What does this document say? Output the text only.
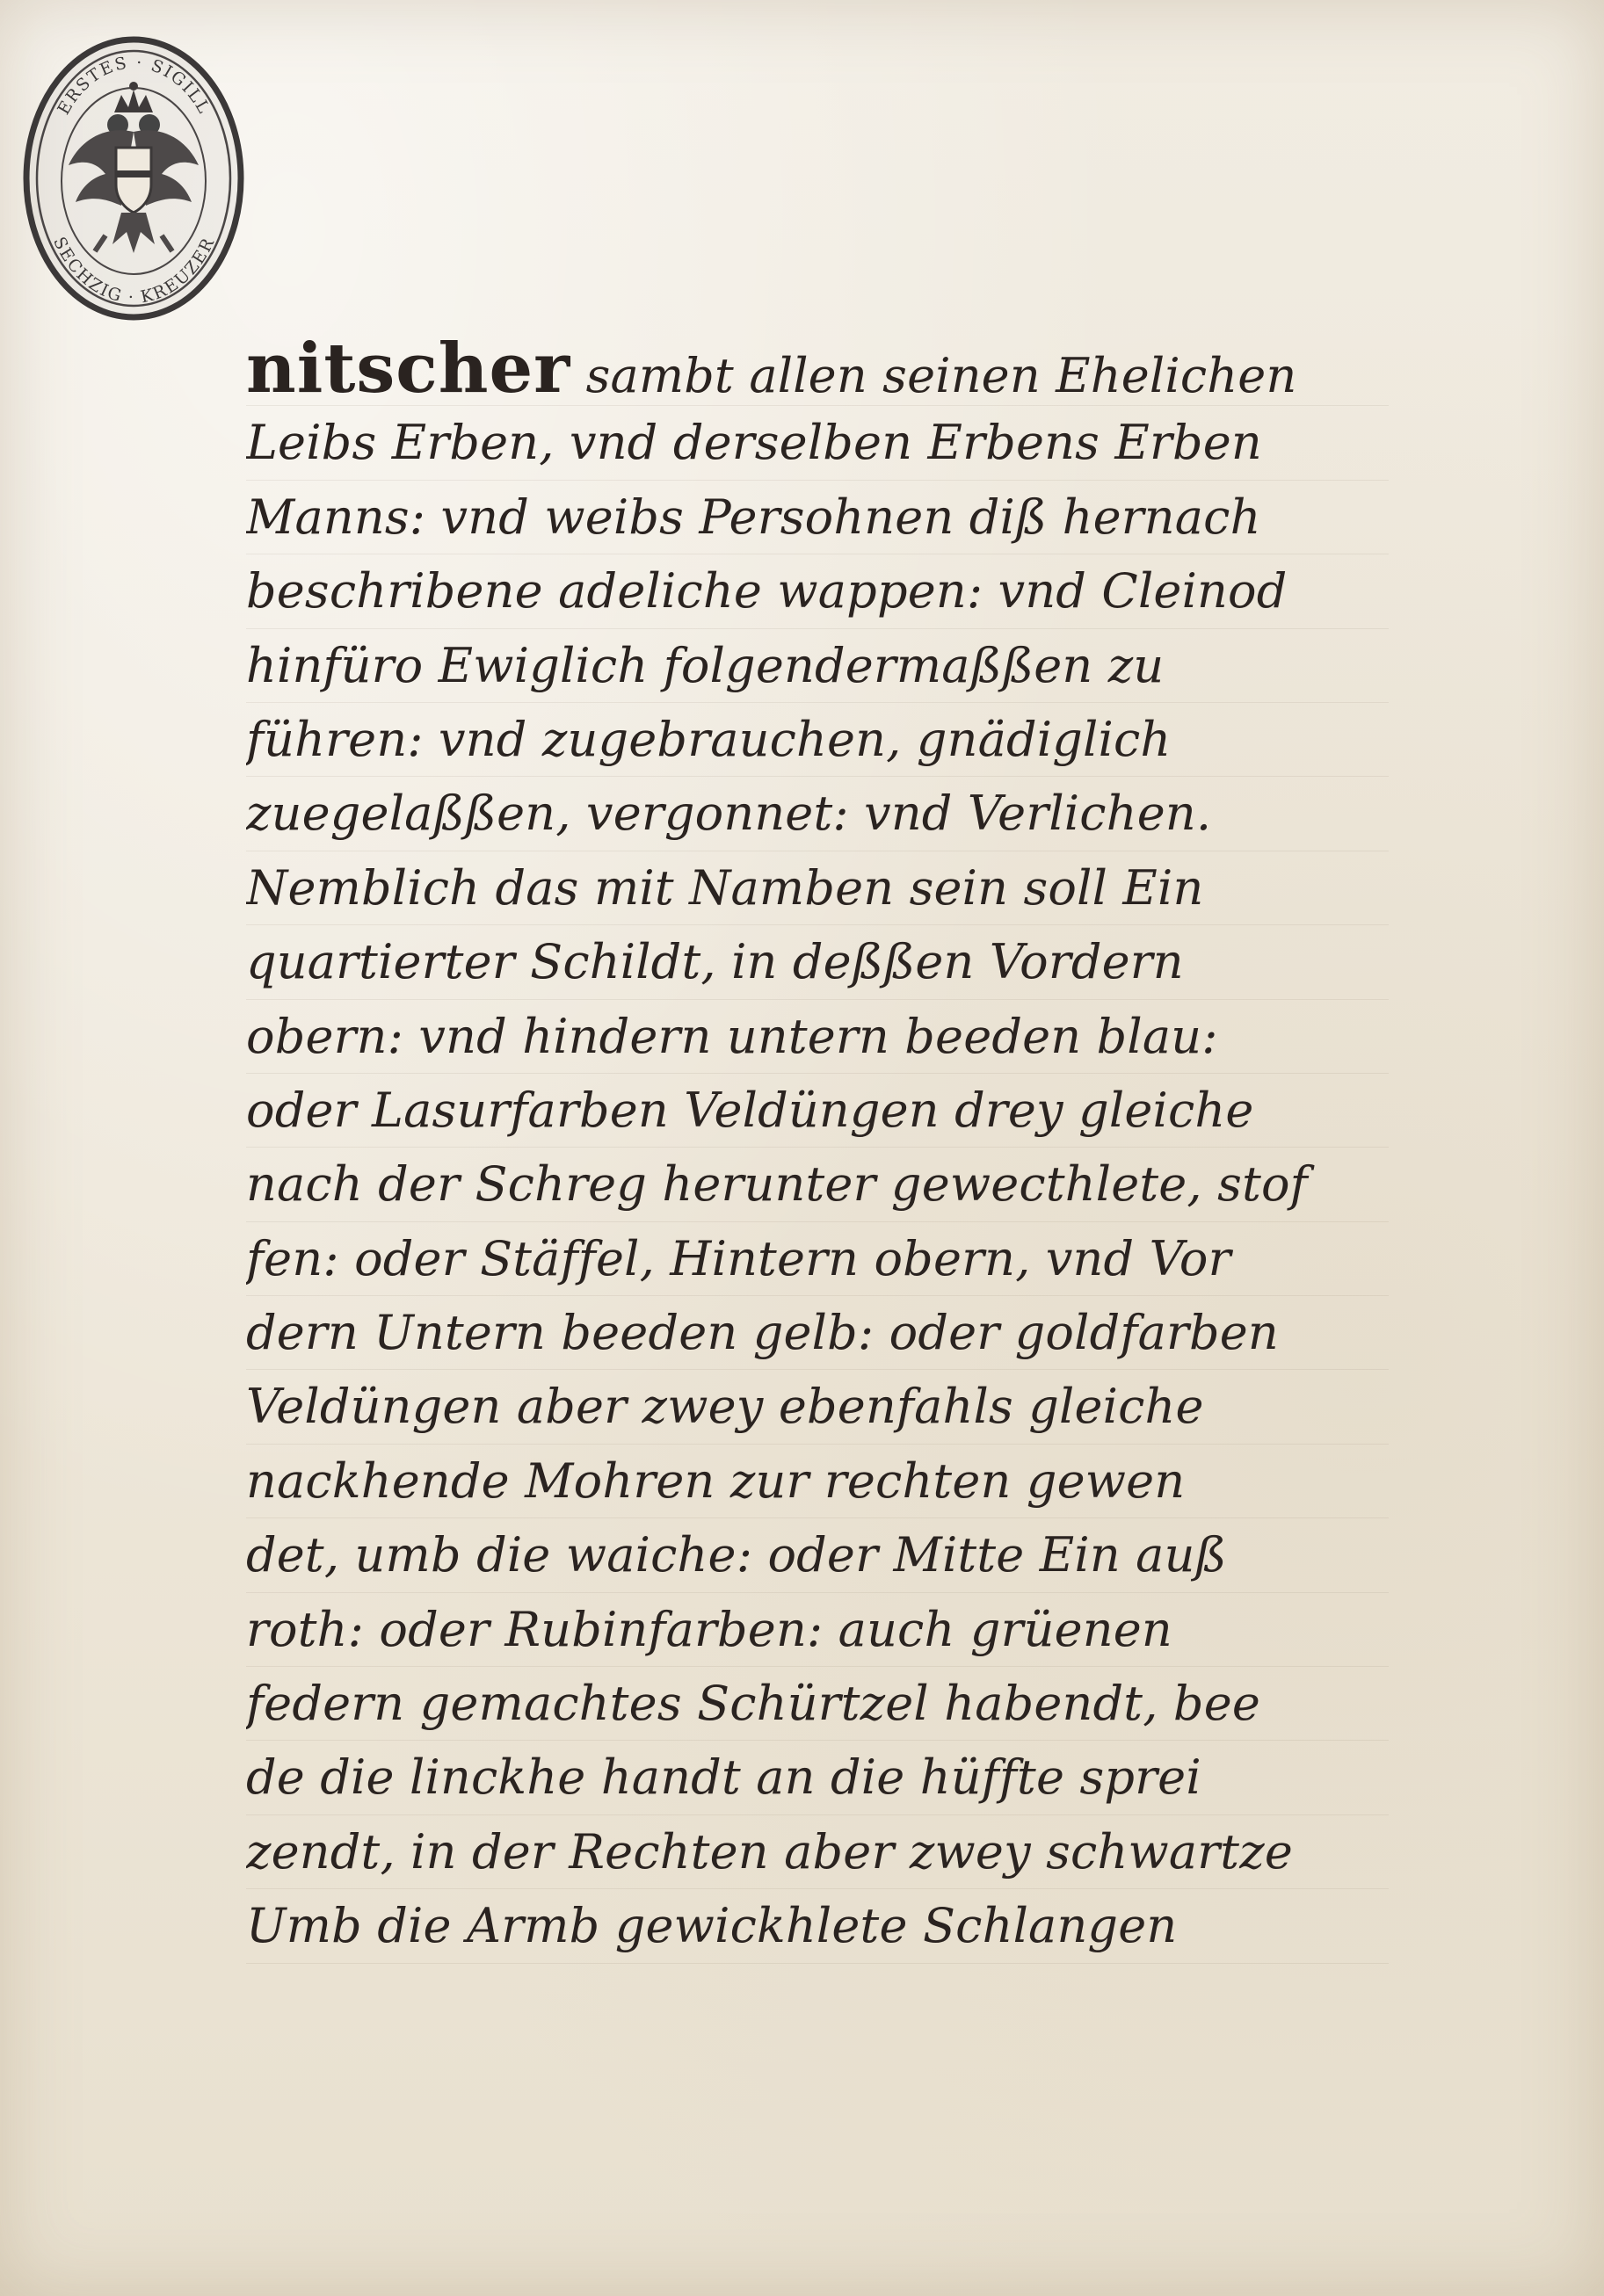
ERSTES · SIGILL
SECHZIG · KREUZER
nitscher sambt allen seinen Ehelichen
Leibs Erben, vnd derselben Erbens Erben
Manns: vnd weibs Persohnen diß hernach
beschribene adeliche wappen: vnd Cleinod
hinfüro Ewiglich folgendermaßßen zu
führen: vnd zugebrauchen, gnädiglich
zuegelaßßen, vergonnet: vnd Verlichen.
Nemblich das mit Namben sein soll Ein
quartierter Schildt, in deßßen Vordern
obern: vnd hindern untern beeden blau:
oder Lasurfarben Veldüngen drey gleiche
nach der Schreg herunter gewecthlete, stof
fen: oder Stäffel, Hintern obern, vnd Vor
dern Untern beeden gelb: oder goldfarben
Veldüngen aber zwey ebenfahls gleiche
nackhende Mohren zur rechten gewen
det, umb die waiche: oder Mitte Ein auß
roth: oder Rubinfarben: auch grüenen
federn gemachtes Schürtzel habendt, bee
de die linckhe handt an die hüffte sprei
zendt, in der Rechten aber zwey schwartze
Umb die Armb gewickhlete Schlangen
